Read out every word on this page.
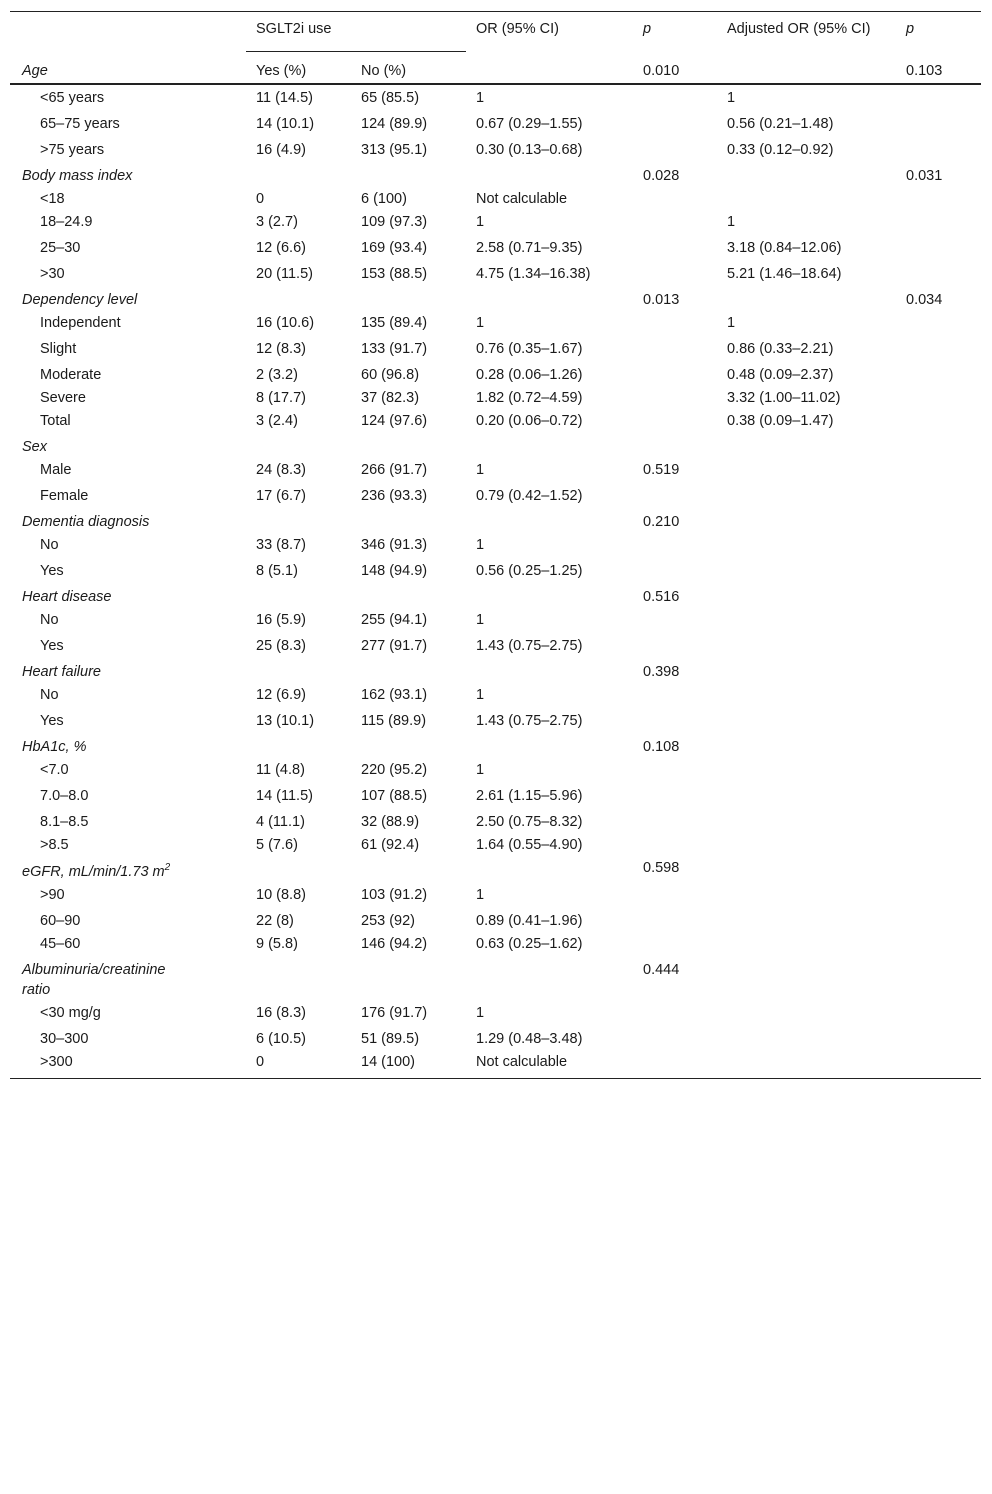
	SGLT2i use		OR (95% CI)	p	Adjusted OR (95% CI)	p
Age	Yes (%)	No (%)		0.010		0.103
<65 years	11 (14.5)	65 (85.5)	1		1	
65–75 years	14 (10.1)	124 (89.9)	0.67 (0.29–1.55)		0.56 (0.21–1.48)	
>75 years	16 (4.9)	313 (95.1)	0.30 (0.13–0.68)		0.33 (0.12–0.92)	
Body mass index				0.028		0.031
<18	0	6 (100)	Not calculable			
18–24.9	3 (2.7)	109 (97.3)	1		1	
25–30	12 (6.6)	169 (93.4)	2.58 (0.71–9.35)		3.18 (0.84–12.06)	
>30	20 (11.5)	153 (88.5)	4.75 (1.34–16.38)		5.21 (1.46–18.64)	
Dependency level				0.013		0.034
Independent	16 (10.6)	135 (89.4)	1		1	
Slight	12 (8.3)	133 (91.7)	0.76 (0.35–1.67)		0.86 (0.33–2.21)	
Moderate	2 (3.2)	60 (96.8)	0.28 (0.06–1.26)		0.48 (0.09–2.37)	
Severe	8 (17.7)	37 (82.3)	1.82 (0.72–4.59)		3.32 (1.00–11.02)	
Total	3 (2.4)	124 (97.6)	0.20 (0.06–0.72)		0.38 (0.09–1.47)	
Sex						
Male	24 (8.3)	266 (91.7)	1	0.519		
Female	17 (6.7)	236 (93.3)	0.79 (0.42–1.52)			
Dementia diagnosis				0.210		
No	33 (8.7)	346 (91.3)	1			
Yes	8 (5.1)	148 (94.9)	0.56 (0.25–1.25)			
Heart disease				0.516		
No	16 (5.9)	255 (94.1)	1			
Yes	25 (8.3)	277 (91.7)	1.43 (0.75–2.75)			
Heart failure				0.398		
No	12 (6.9)	162 (93.1)	1			
Yes	13 (10.1)	115 (89.9)	1.43 (0.75–2.75)			
HbA1c, %				0.108		
<7.0	11 (4.8)	220 (95.2)	1			
7.0–8.0	14 (11.5)	107 (88.5)	2.61 (1.15–5.96)			
8.1–8.5	4 (11.1)	32 (88.9)	2.50 (0.75–8.32)			
>8.5	5 (7.6)	61 (92.4)	1.64 (0.55–4.90)			
eGFR, mL/min/1.73 $m^2$				0.598		
>90	10 (8.8)	103 (91.2)	1			
60–90	22 (8)	253 (92)	0.89 (0.41–1.96)			
45–60	9 (5.8)	146 (94.2)	0.63 (0.25–1.62)			
Albuminuria/creatinine ratio				0.444		
<30 mg/g	16 (8.3)	176 (91.7)	1			
30–300	6 (10.5)	51 (89.5)	1.29 (0.48–3.48)			
>300	0	14 (100)	Not calculable			
